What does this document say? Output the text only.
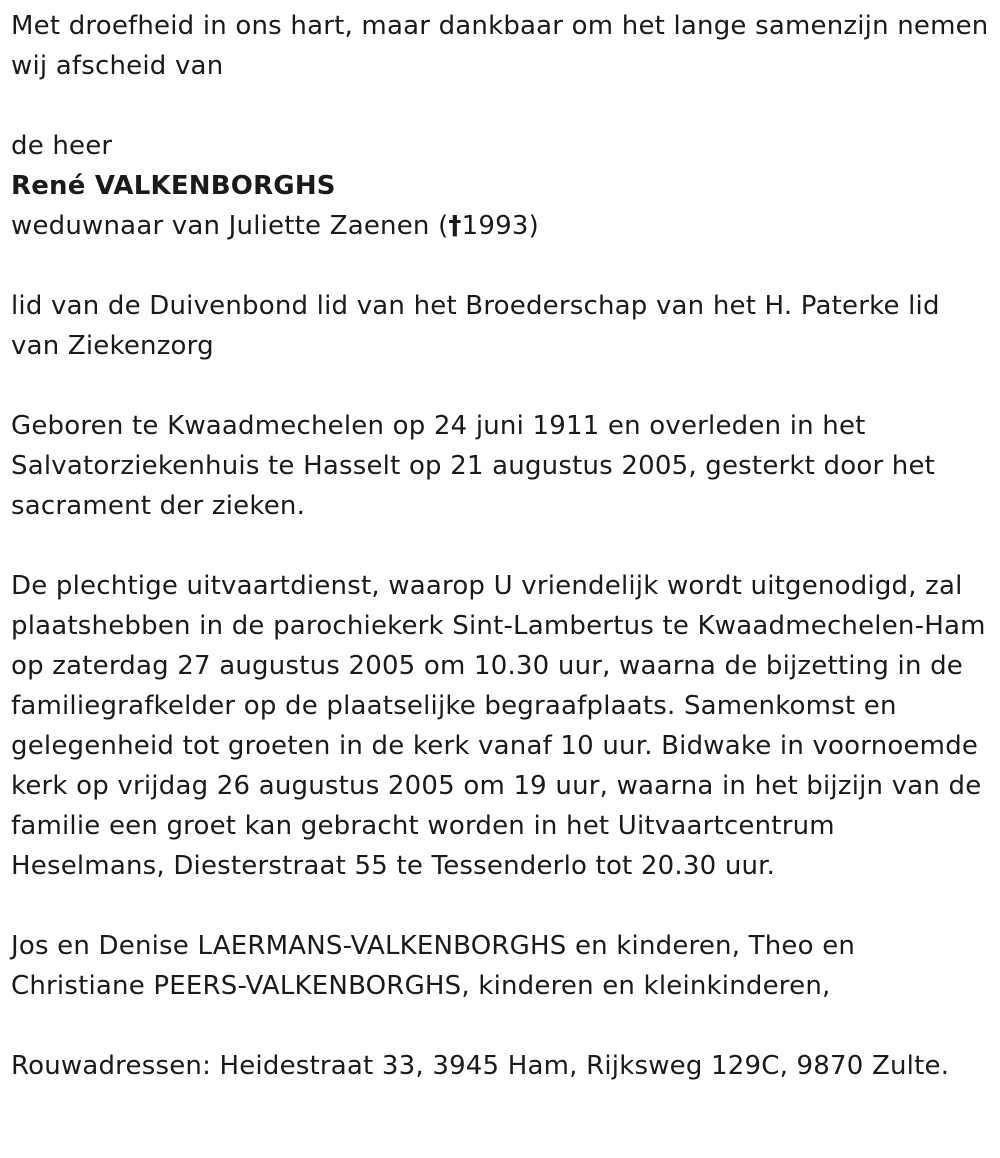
Met droefheid in ons hart, maar dankbaar om het lange samenzijn nemen wij afscheid van

de heer

René VALKENBORGHS

weduwnaar van Juliette Zaenen (†1993)

lid van de Duivenbond lid van het Broederschap van het H. Paterke lid van Ziekenzorg

Geboren te Kwaadmechelen op 24 juni 1911 en overleden in het Salvatorziekenhuis te Hasselt op 21 augustus 2005, gesterkt door het sacrament der zieken.

De plechtige uitvaartdienst, waarop U vriendelijk wordt uitgenodigd, zal plaatshebben in de parochiekerk Sint-Lambertus te Kwaadmechelen-Ham op zaterdag 27 augustus 2005 om 10.30 uur, waarna de bijzetting in de familiegrafkelder op de plaatselijke begraafplaats. Samenkomst en gelegenheid tot groeten in de kerk vanaf 10 uur. Bidwake in voornoemde kerk op vrijdag 26 augustus 2005 om 19 uur, waarna in het bijzijn van de familie een groet kan gebracht worden in het Uitvaartcentrum Heselmans, Diesterstraat 55 te Tessenderlo tot 20.30 uur.

Jos en Denise LAERMANS-VALKENBORGHS en kinderen, Theo en Christiane PEERS-VALKENBORGHS, kinderen en kleinkinderen,

Rouwadressen: Heidestraat 33, 3945 Ham, Rijksweg 129C, 9870 Zulte.
